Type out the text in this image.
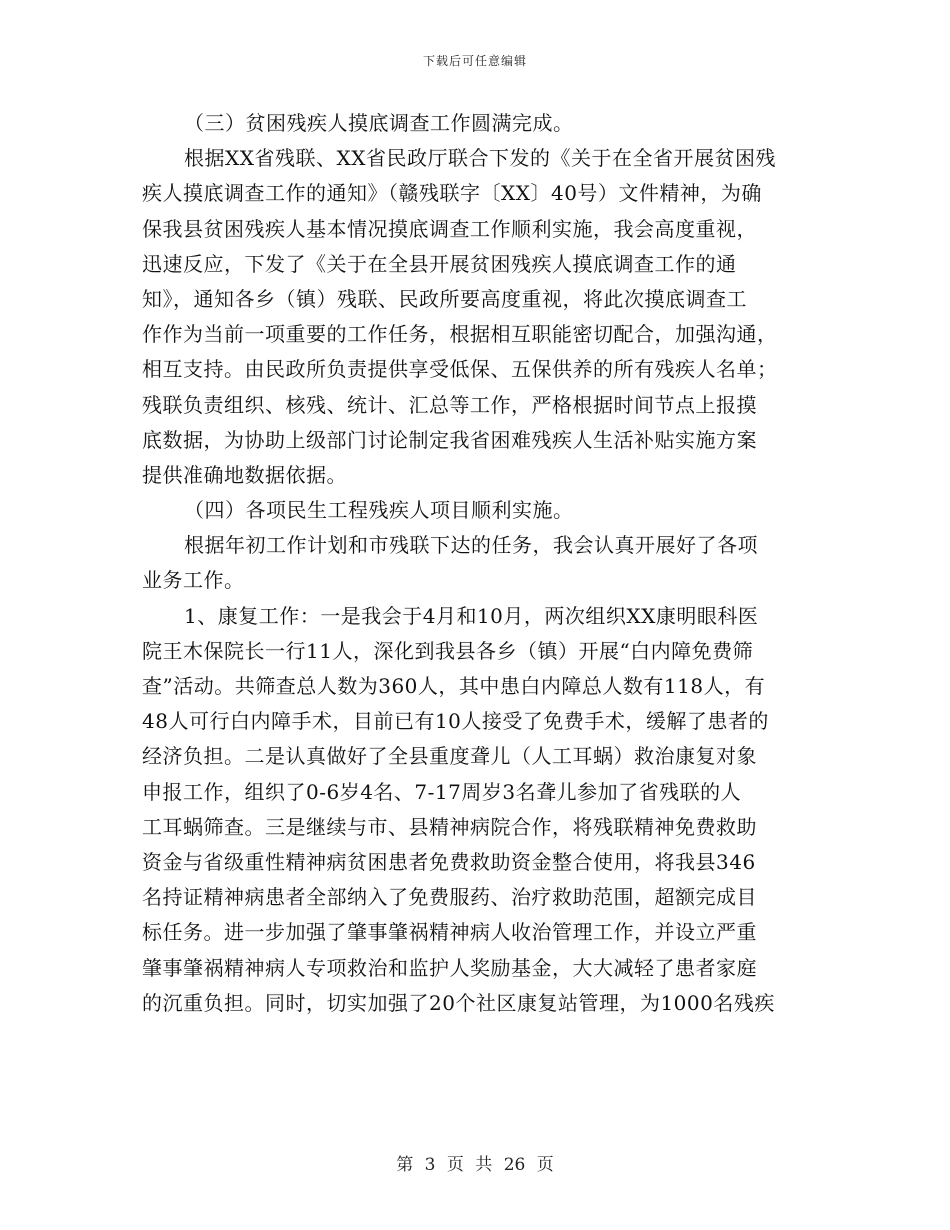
下载后可任意编辑
（三）贫困残疾人摸底调查工作圆满完成。
根据XX省残联、XX省民政厅联合下发的《关于在全省开展贫困残
疾人摸底调查工作的通知》（赣残联字〔XX〕40号）文件精神，为确
保我县贫困残疾人基本情况摸底调查工作顺利实施，我会高度重视，
迅速反应，下发了《关于在全县开展贫困残疾人摸底调查工作的通
知》，通知各乡（镇）残联、民政所要高度重视，将此次摸底调查工
作作为当前一项重要的工作任务，根据相互职能密切配合，加强沟通，
相互支持。由民政所负责提供享受低保、五保供养的所有残疾人名单；
残联负责组织、核残、统计、汇总等工作，严格根据时间节点上报摸
底数据，为协助上级部门讨论制定我省困难残疾人生活补贴实施方案
提供准确地数据依据。
（四）各项民生工程残疾人项目顺利实施。
根据年初工作计划和市残联下达的任务，我会认真开展好了各项
业务工作。
1、康复工作：一是我会于4月和10月，两次组织XX康明眼科医
院王木保院长一行11人，深化到我县各乡（镇）开展“白内障免费筛
查”活动。共筛查总人数为360人，其中患白内障总人数有118人，有
48人可行白内障手术，目前已有10人接受了免费手术，缓解了患者的
经济负担。二是认真做好了全县重度聋儿（人工耳蜗）救治康复对象
申报工作，组织了0-6岁4名、7-17周岁3名聋儿参加了省残联的人
工耳蜗筛查。三是继续与市、县精神病院合作，将残联精神免费救助
资金与省级重性精神病贫困患者免费救助资金整合使用，将我县346
名持证精神病患者全部纳入了免费服药、治疗救助范围，超额完成目
标任务。进一步加强了肇事肇祸精神病人收治管理工作，并设立严重
肇事肇祸精神病人专项救治和监护人奖励基金，大大减轻了患者家庭
的沉重负担。同时，切实加强了20个社区康复站管理，为1000名残疾
第 3 页 共 26 页
